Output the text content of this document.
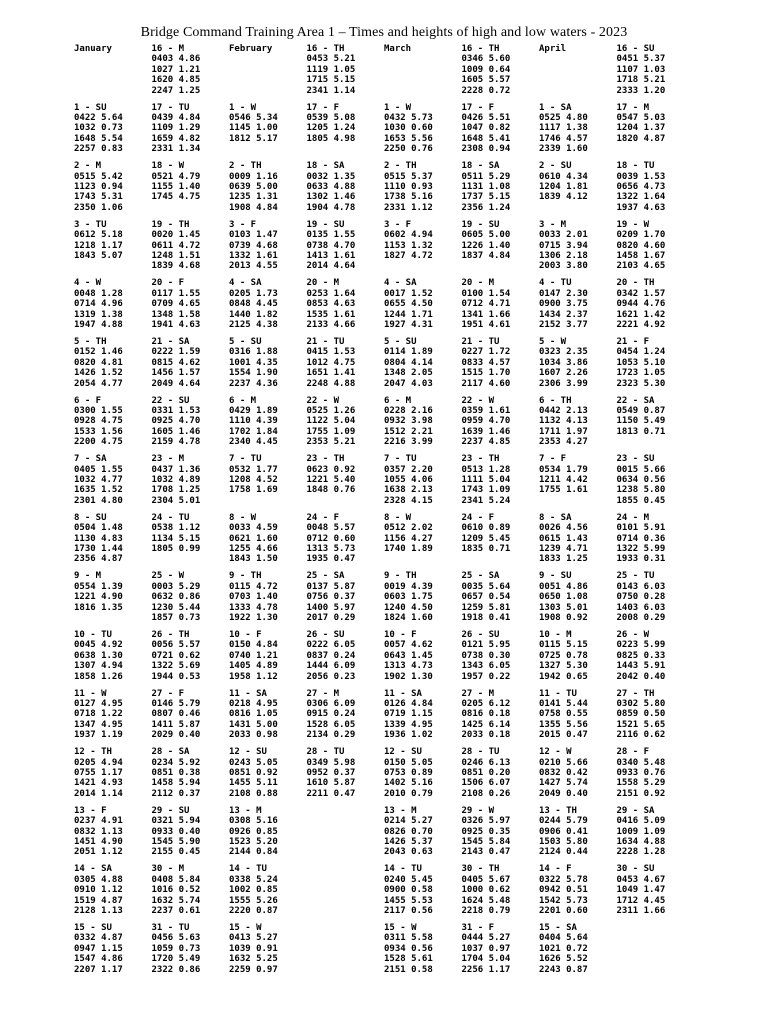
Bridge Command Training Area 1 – Times and heights of high and low waters - 2023
January
1 - SU
0422 5.64
1032 0.73
1648 5.54
2257 0.83
2 - M
0515 5.42
1123 0.94
1743 5.31
2350 1.06
3 - TU
0612 5.18
1218 1.17
1843 5.07
4 - W
0048 1.28
0714 4.96
1319 1.38
1947 4.88
5 - TH
0152 1.46
0820 4.81
1426 1.52
2054 4.77
6 - F
0300 1.55
0928 4.75
1533 1.56
2200 4.75
7 - SA
0405 1.55
1032 4.77
1635 1.52
2301 4.80
8 - SU
0504 1.48
1130 4.83
1730 1.44
2356 4.87
9 - M
0554 1.39
1221 4.90
1816 1.35
10 - TU
0045 4.92
0638 1.30
1307 4.94
1858 1.26
11 - W
0127 4.95
0718 1.22
1347 4.95
1937 1.19
12 - TH
0205 4.94
0755 1.17
1421 4.93
2014 1.14
13 - F
0237 4.91
0832 1.13
1451 4.90
2051 1.12
14 - SA
0305 4.88
0910 1.12
1519 4.87
2128 1.13
15 - SU
0332 4.87
0947 1.15
1547 4.86
2207 1.17
16 - M
0403 4.86
1027 1.21
1620 4.85
2247 1.25
17 - TU
0439 4.84
1109 1.29
1659 4.82
2331 1.34
18 - W
0521 4.79
1155 1.40
1745 4.75
19 - TH
0020 1.45
0611 4.72
1248 1.51
1839 4.68
20 - F
0117 1.55
0709 4.65
1348 1.58
1941 4.63
21 - SA
0222 1.59
0815 4.62
1456 1.57
2049 4.64
22 - SU
0331 1.53
0925 4.70
1605 1.46
2159 4.78
23 - M
0437 1.36
1032 4.89
1708 1.25
2304 5.01
24 - TU
0538 1.12
1134 5.15
1805 0.99
25 - W
0003 5.29
0632 0.86
1230 5.44
1857 0.73
26 - TH
0056 5.57
0721 0.62
1322 5.69
1944 0.53
27 - F
0146 5.79
0807 0.46
1411 5.87
2029 0.40
28 - SA
0234 5.92
0851 0.38
1458 5.94
2112 0.37
29 - SU
0321 5.94
0933 0.40
1545 5.90
2155 0.45
30 - M
0408 5.84
1016 0.52
1632 5.74
2237 0.61
31 - TU
0456 5.63
1059 0.73
1720 5.49
2322 0.86
February
1 - W
0546 5.34
1145 1.00
1812 5.17
2 - TH
0009 1.16
0639 5.00
1235 1.31
1908 4.84
3 - F
0103 1.47
0739 4.68
1332 1.61
2013 4.55
4 - SA
0205 1.73
0848 4.45
1440 1.82
2125 4.38
5 - SU
0316 1.88
1001 4.35
1554 1.90
2237 4.36
6 - M
0429 1.89
1110 4.39
1702 1.84
2340 4.45
7 - TU
0532 1.77
1208 4.52
1758 1.69
8 - W
0033 4.59
0621 1.60
1255 4.66
1843 1.50
9 - TH
0115 4.72
0703 1.40
1333 4.78
1922 1.30
10 - F
0150 4.84
0740 1.21
1405 4.89
1958 1.12
11 - SA
0218 4.95
0816 1.05
1431 5.00
2033 0.98
12 - SU
0243 5.05
0851 0.92
1455 5.11
2108 0.88
13 - M
0308 5.16
0926 0.85
1523 5.20
2144 0.84
14 - TU
0338 5.24
1002 0.85
1555 5.26
2220 0.87
15 - W
0413 5.27
1039 0.91
1632 5.25
2259 0.97
16 - TH
0453 5.21
1119 1.05
1715 5.15
2341 1.14
17 - F
0539 5.08
1205 1.24
1805 4.98
18 - SA
0032 1.35
0633 4.88
1302 1.46
1904 4.78
19 - SU
0135 1.55
0738 4.70
1413 1.61
2014 4.64
20 - M
0253 1.64
0853 4.63
1535 1.61
2133 4.66
21 - TU
0415 1.53
1012 4.75
1651 1.41
2248 4.88
22 - W
0525 1.26
1122 5.04
1755 1.09
2353 5.21
23 - TH
0623 0.92
1221 5.40
1848 0.76
24 - F
0048 5.57
0712 0.60
1313 5.73
1935 0.47
25 - SA
0137 5.87
0756 0.37
1400 5.97
2017 0.29
26 - SU
0222 6.05
0837 0.24
1444 6.09
2056 0.23
27 - M
0306 6.09
0915 0.24
1528 6.05
2134 0.29
28 - TU
0349 5.98
0952 0.37
1610 5.87
2211 0.47
March
1 - W
0432 5.73
1030 0.60
1653 5.56
2250 0.76
2 - TH
0515 5.37
1110 0.93
1738 5.16
2331 1.12
3 - F
0602 4.94
1153 1.32
1827 4.72
4 - SA
0017 1.52
0655 4.50
1244 1.71
1927 4.31
5 - SU
0114 1.89
0804 4.14
1348 2.05
2047 4.03
6 - M
0228 2.16
0932 3.98
1512 2.21
2216 3.99
7 - TU
0357 2.20
1055 4.06
1638 2.13
2328 4.15
8 - W
0512 2.02
1156 4.27
1740 1.89
9 - TH
0019 4.39
0603 1.75
1240 4.50
1824 1.60
10 - F
0057 4.62
0643 1.45
1313 4.73
1902 1.30
11 - SA
0126 4.84
0719 1.15
1339 4.95
1936 1.02
12 - SU
0150 5.05
0753 0.89
1402 5.16
2010 0.79
13 - M
0214 5.27
0826 0.70
1426 5.37
2043 0.63
14 - TU
0240 5.45
0900 0.58
1455 5.53
2117 0.56
15 - W
0311 5.58
0934 0.56
1528 5.61
2151 0.58
16 - TH
0346 5.60
1009 0.64
1605 5.57
2228 0.72
17 - F
0426 5.51
1047 0.82
1648 5.41
2308 0.94
18 - SA
0511 5.29
1131 1.08
1737 5.15
2356 1.24
19 - SU
0605 5.00
1226 1.40
1837 4.84
20 - M
0100 1.54
0712 4.71
1341 1.66
1951 4.61
21 - TU
0227 1.72
0833 4.57
1515 1.70
2117 4.60
22 - W
0359 1.61
0959 4.70
1639 1.46
2237 4.85
23 - TH
0513 1.28
1111 5.04
1743 1.09
2341 5.24
24 - F
0610 0.89
1209 5.45
1835 0.71
25 - SA
0035 5.64
0657 0.54
1259 5.81
1918 0.41
26 - SU
0121 5.95
0738 0.30
1343 6.05
1957 0.22
27 - M
0205 6.12
0816 0.18
1425 6.14
2033 0.18
28 - TU
0246 6.13
0851 0.20
1506 6.07
2108 0.26
29 - W
0326 5.97
0925 0.35
1545 5.84
2143 0.47
30 - TH
0405 5.67
1000 0.62
1624 5.48
2218 0.79
31 - F
0444 5.27
1037 0.97
1704 5.04
2256 1.17
April
1 - SA
0525 4.80
1117 1.38
1746 4.57
2339 1.60
2 - SU
0610 4.34
1204 1.81
1839 4.12
3 - M
0033 2.01
0715 3.94
1306 2.18
2003 3.80
4 - TU
0147 2.30
0900 3.75
1434 2.37
2152 3.77
5 - W
0323 2.35
1034 3.86
1607 2.26
2306 3.99
6 - TH
0442 2.13
1132 4.13
1711 1.97
2353 4.27
7 - F
0534 1.79
1211 4.42
1755 1.61
8 - SA
0026 4.56
0615 1.43
1239 4.71
1833 1.25
9 - SU
0051 4.86
0650 1.08
1303 5.01
1908 0.92
10 - M
0115 5.15
0725 0.78
1327 5.30
1942 0.65
11 - TU
0141 5.44
0758 0.55
1355 5.56
2015 0.47
12 - W
0210 5.66
0832 0.42
1427 5.74
2049 0.40
13 - TH
0244 5.79
0906 0.41
1503 5.80
2124 0.44
14 - F
0322 5.78
0942 0.51
1542 5.73
2201 0.60
15 - SA
0404 5.64
1021 0.72
1626 5.52
2243 0.87
16 - SU
0451 5.37
1107 1.03
1718 5.21
2333 1.20
17 - M
0547 5.03
1204 1.37
1820 4.87
18 - TU
0039 1.53
0656 4.73
1322 1.64
1937 4.63
19 - W
0209 1.70
0820 4.60
1458 1.67
2103 4.65
20 - TH
0342 1.57
0944 4.76
1621 1.42
2221 4.92
21 - F
0454 1.24
1053 5.10
1723 1.05
2323 5.30
22 - SA
0549 0.87
1150 5.49
1813 0.71
23 - SU
0015 5.66
0634 0.56
1238 5.80
1855 0.45
24 - M
0101 5.91
0714 0.36
1322 5.99
1933 0.31
25 - TU
0143 6.03
0750 0.28
1403 6.03
2008 0.29
26 - W
0223 5.99
0825 0.33
1443 5.91
2042 0.40
27 - TH
0302 5.80
0859 0.50
1521 5.65
2116 0.62
28 - F
0340 5.48
0933 0.76
1558 5.29
2151 0.92
29 - SA
0416 5.09
1009 1.09
1634 4.88
2228 1.28
30 - SU
0453 4.67
1049 1.47
1712 4.45
2311 1.66
